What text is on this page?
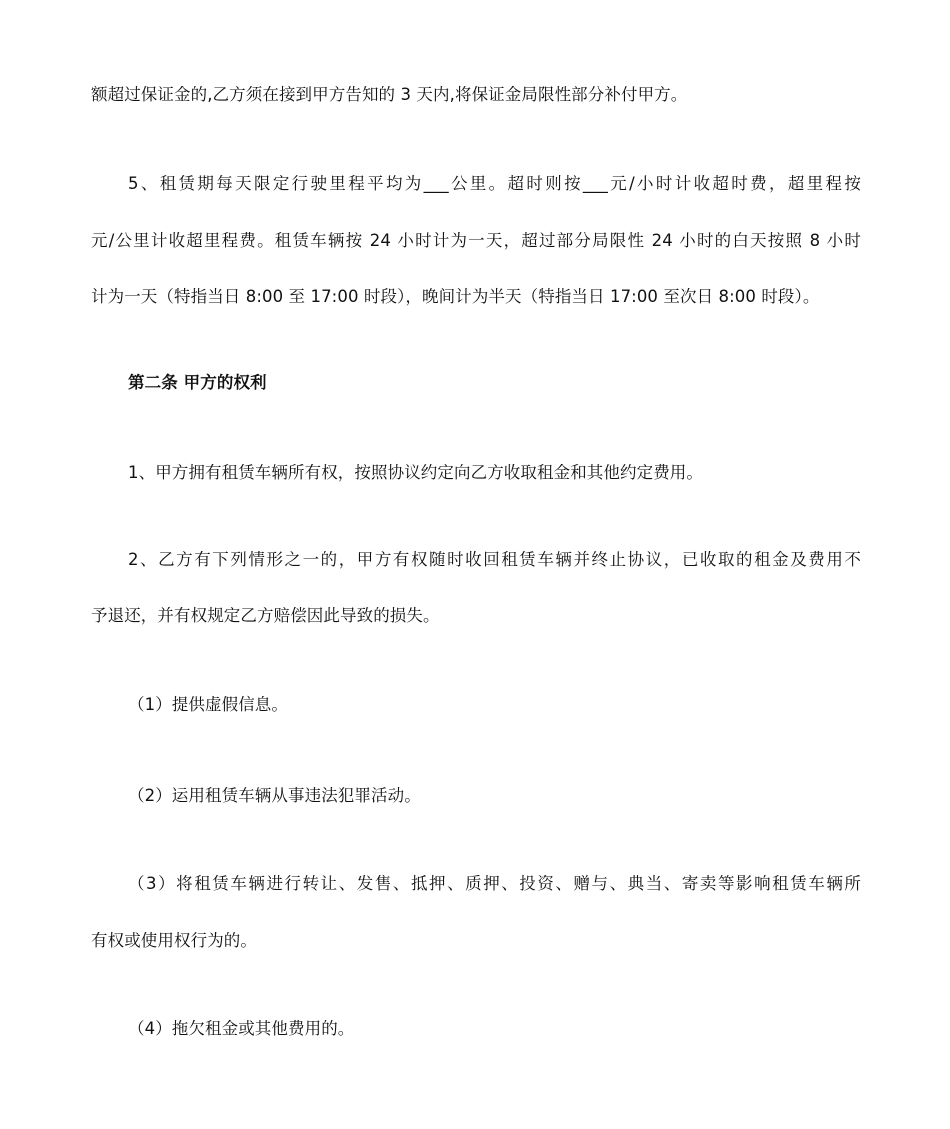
额超过保证金的,乙方须在接到甲方告知的 3 天内,将保证金局限性部分补付甲方。
5、租赁期每天限定行驶里程平均为___公里。超时则按___元/小时计收超时费，超里程按
元/公里计收超里程费。租赁车辆按 24 小时计为一天，超过部分局限性 24 小时的白天按照 8 小时
计为一天（特指当日 8:00 至 17:00 时段），晚间计为半天（特指当日 17:00 至次日 8:00 时段）。
第二条 甲方的权利
1、甲方拥有租赁车辆所有权，按照协议约定向乙方收取租金和其他约定费用。
2、乙方有下列情形之一的，甲方有权随时收回租赁车辆并终止协议，已收取的租金及费用不
予退还，并有权规定乙方赔偿因此导致的损失。
（1）提供虚假信息。
（2）运用租赁车辆从事违法犯罪活动。
（3）将租赁车辆进行转让、发售、抵押、质押、投资、赠与、典当、寄卖等影响租赁车辆所
有权或使用权行为的。
（4）拖欠租金或其他费用的。
